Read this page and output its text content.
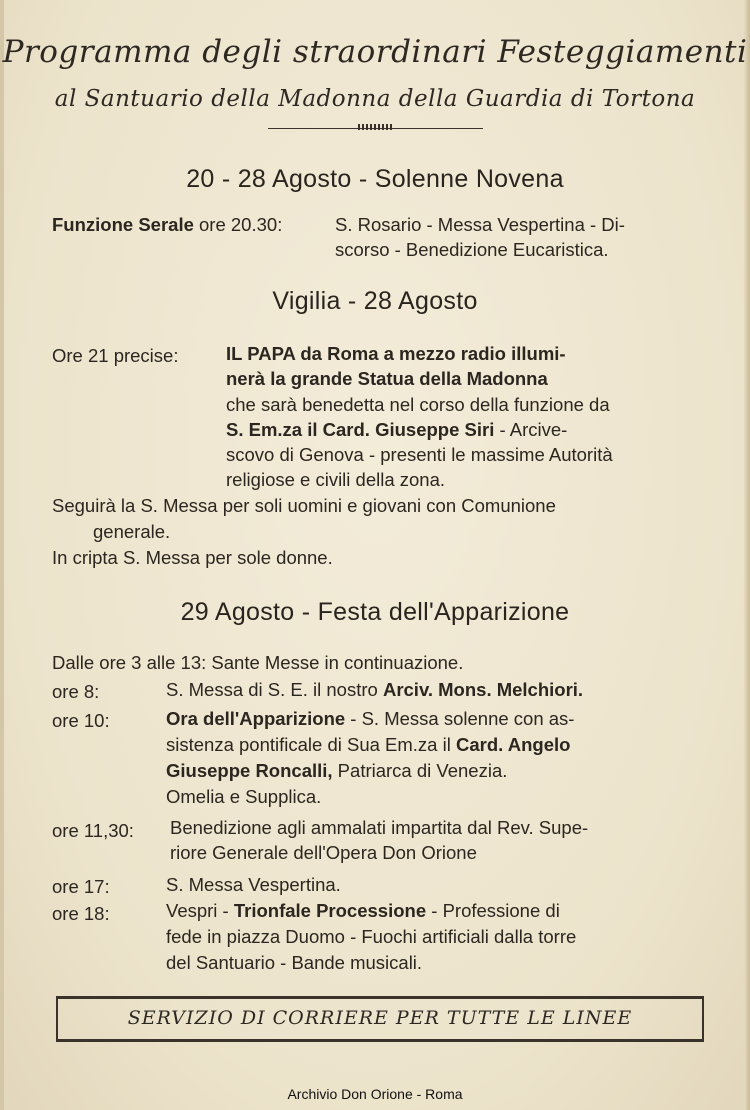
Programma degli straordinari Festeggiamenti
al Santuario della Madonna della Guardia di Tortona
20 - 28 Agosto - Solenne Novena
Funzione Serale ore 20.30:	S. Rosario - Messa Vespertina - Di-
scorso - Benedizione Eucaristica.
Vigilia - 28 Agosto
Ore 21 precise:	IL PAPA da Roma a mezzo radio illumi-
nerà la grande Statua della Madonna
che sarà benedetta nel corso della funzione da
S. Em.za il Card. Giuseppe Siri - Arcive-
scovo di Genova - presenti le massime Autorità
religiose e civili della zona.
Seguirà la S. Messa per soli uomini e giovani con Comunione
generale.
In cripta S. Messa per sole donne.
29 Agosto - Festa dell'Apparizione
Dalle ore 3 alle 13: Sante Messe in continuazione.
ore 8:	S. Messa di S. E. il nostro Arciv. Mons. Melchiori.
ore 10:	Ora dell'Apparizione - S. Messa solenne con as-
sistenza pontificale di Sua Em.za il Card. Angelo
Giuseppe Roncalli, Patriarca di Venezia.
Omelia e Supplica.
ore 11,30: Benedizione agli ammalati impartita dal Rev. Supe-
riore Generale dell'Opera Don Orione
ore 17:	S. Messa Vespertina.
ore 18:	Vespri - Trionfale Processione - Professione di
fede in piazza Duomo - Fuochi artificiali dalla torre
del Santuario - Bande musicali.
SERVIZIO DI CORRIERE PER TUTTE LE LINEE
Archivio Don Orione - Roma
